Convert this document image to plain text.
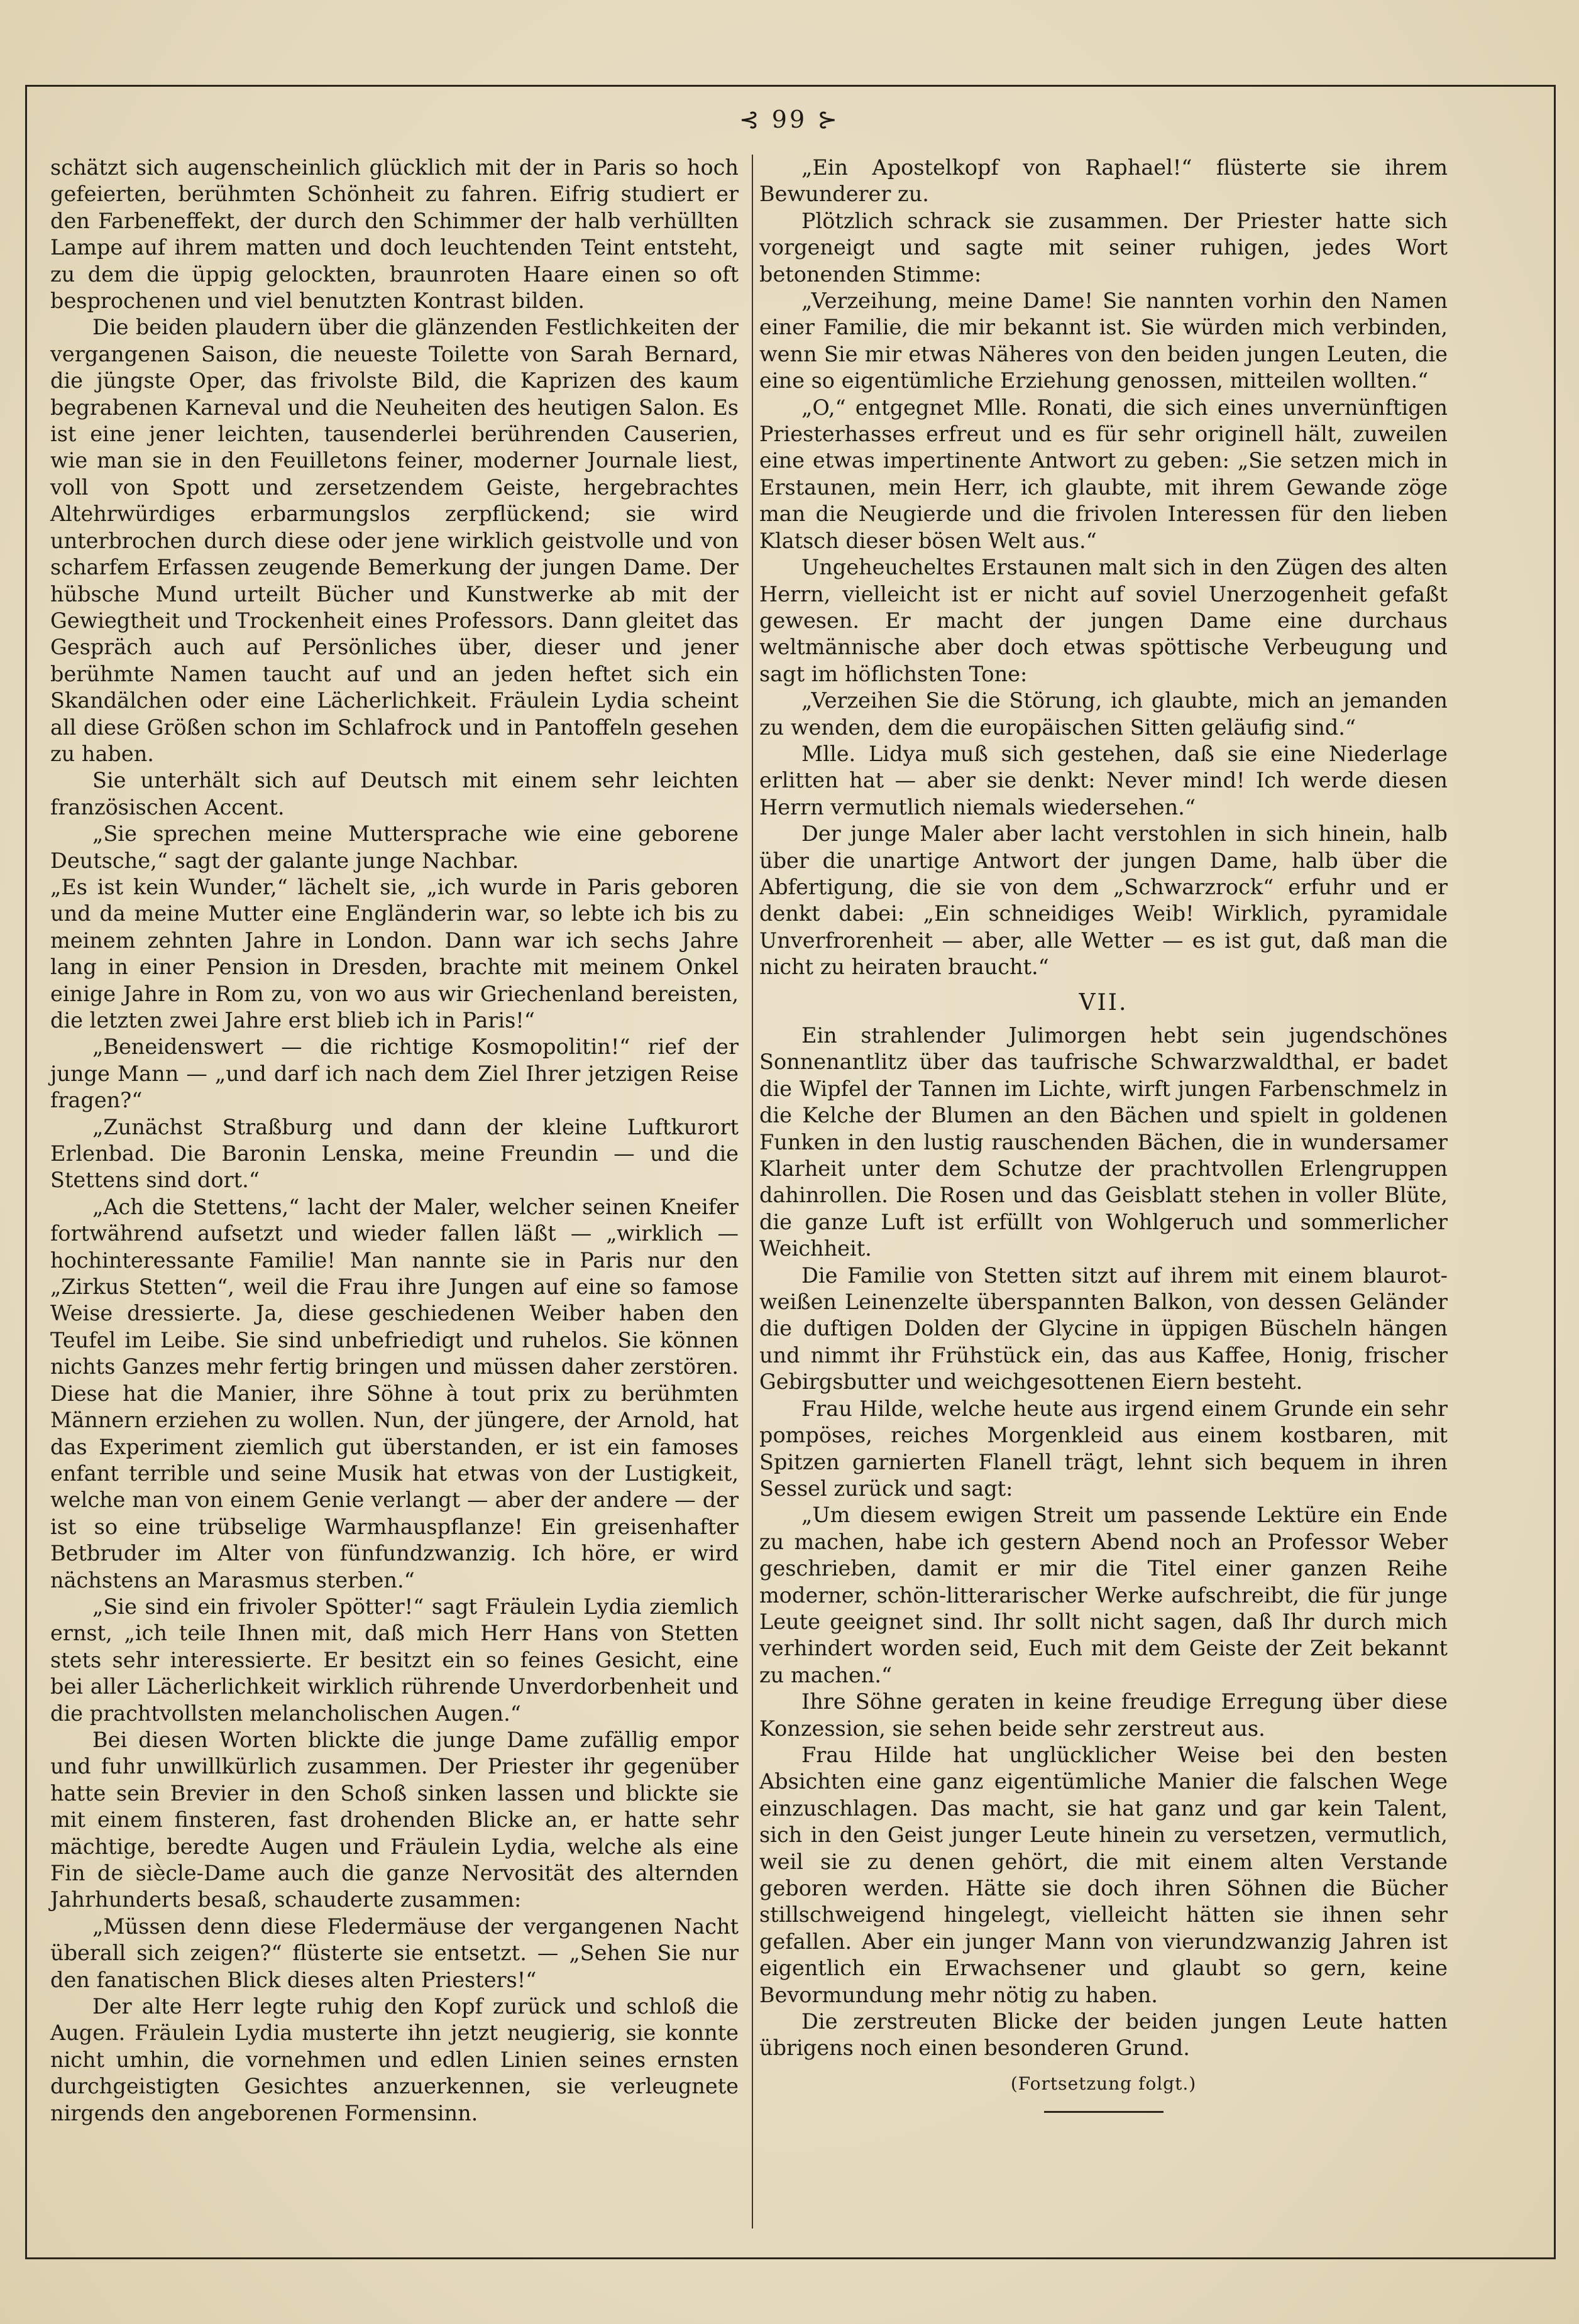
⊰ 99 ⊱

schätzt sich augenscheinlich glücklich mit der in Paris so hoch gefeierten, berühmten Schönheit zu fahren. Eifrig studiert er den Farbeneffekt, der durch den Schimmer der halb verhüllten Lampe auf ihrem matten und doch leuchtenden Teint entsteht, zu dem die üppig gelockten, braunroten Haare einen so oft besprochenen und viel benutzten Kontrast bilden.

Die beiden plaudern über die glänzenden Festlichkeiten der vergangenen Saison, die neueste Toilette von Sarah Bernard, die jüngste Oper, das frivolste Bild, die Kaprizen des kaum begrabenen Karneval und die Neuheiten des heutigen Salon. Es ist eine jener leichten, tausenderlei berührenden Causerien, wie man sie in den Feuilletons feiner, moderner Journale liest, voll von Spott und zersetzendem Geiste, hergebrachtes Altehrwürdiges erbarmungslos zerpflückend; sie wird unterbrochen durch diese oder jene wirklich geistvolle und von scharfem Erfassen zeugende Bemerkung der jungen Dame. Der hübsche Mund urteilt Bücher und Kunstwerke ab mit der Gewiegtheit und Trockenheit eines Professors. Dann gleitet das Gespräch auch auf Persönliches über, dieser und jener berühmte Namen taucht auf und an jeden heftet sich ein Skandälchen oder eine Lächerlichkeit. Fräulein Lydia scheint all diese Größen schon im Schlafrock und in Pantoffeln gesehen zu haben.

Sie unterhält sich auf Deutsch mit einem sehr leichten französischen Accent.

„Sie sprechen meine Muttersprache wie eine geborene Deutsche,“ sagt der galante junge Nachbar.

„Es ist kein Wunder,“ lächelt sie, „ich wurde in Paris geboren und da meine Mutter eine Engländerin war, so lebte ich bis zu meinem zehnten Jahre in London. Dann war ich sechs Jahre lang in einer Pension in Dresden, brachte mit meinem Onkel einige Jahre in Rom zu, von wo aus wir Griechenland bereisten, die letzten zwei Jahre erst blieb ich in Paris!“

„Beneidenswert — die richtige Kosmopolitin!“ rief der junge Mann — „und darf ich nach dem Ziel Ihrer jetzigen Reise fragen?“

„Zunächst Straßburg und dann der kleine Luftkurort Erlenbad. Die Baronin Lenska, meine Freundin — und die Stettens sind dort.“

„Ach die Stettens,“ lacht der Maler, welcher seinen Kneifer fortwährend aufsetzt und wieder fallen läßt — „wirklich — hochinteressante Familie! Man nannte sie in Paris nur den „Zirkus Stetten“, weil die Frau ihre Jungen auf eine so famose Weise dressierte. Ja, diese geschiedenen Weiber haben den Teufel im Leibe. Sie sind unbefriedigt und ruhelos. Sie können nichts Ganzes mehr fertig bringen und müssen daher zerstören. Diese hat die Manier, ihre Söhne à tout prix zu berühmten Männern erziehen zu wollen. Nun, der jüngere, der Arnold, hat das Experiment ziemlich gut überstanden, er ist ein famoses enfant terrible und seine Musik hat etwas von der Lustigkeit, welche man von einem Genie verlangt — aber der andere — der ist so eine trübselige Warmhauspflanze! Ein greisenhafter Betbruder im Alter von fünfundzwanzig. Ich höre, er wird nächstens an Marasmus sterben.“

„Sie sind ein frivoler Spötter!“ sagt Fräulein Lydia ziemlich ernst, „ich teile Ihnen mit, daß mich Herr Hans von Stetten stets sehr interessierte. Er besitzt ein so feines Gesicht, eine bei aller Lächerlichkeit wirklich rührende Unverdorbenheit und die prachtvollsten melancholischen Augen.“

Bei diesen Worten blickte die junge Dame zufällig empor und fuhr unwillkürlich zusammen. Der Priester ihr gegenüber hatte sein Brevier in den Schoß sinken lassen und blickte sie mit einem finsteren, fast drohenden Blicke an, er hatte sehr mächtige, beredte Augen und Fräulein Lydia, welche als eine Fin de siècle-Dame auch die ganze Nervosität des alternden Jahrhunderts besaß, schauderte zusammen:

„Müssen denn diese Fledermäuse der vergangenen Nacht überall sich zeigen?“ flüsterte sie entsetzt. — „Sehen Sie nur den fanatischen Blick dieses alten Priesters!“

Der alte Herr legte ruhig den Kopf zurück und schloß die Augen. Fräulein Lydia musterte ihn jetzt neugierig, sie konnte nicht umhin, die vornehmen und edlen Linien seines ernsten durchgeistigten Gesichtes anzuerkennen, sie verleugnete nirgends den angeborenen Formensinn.

„Ein Apostelkopf von Raphael!“ flüsterte sie ihrem Bewunderer zu.

Plötzlich schrack sie zusammen. Der Priester hatte sich vorgeneigt und sagte mit seiner ruhigen, jedes Wort betonenden Stimme:

„Verzeihung, meine Dame! Sie nannten vorhin den Namen einer Familie, die mir bekannt ist. Sie würden mich verbinden, wenn Sie mir etwas Näheres von den beiden jungen Leuten, die eine so eigentümliche Erziehung genossen, mitteilen wollten.“

„O,“ entgegnet Mlle. Ronati, die sich eines unvernünftigen Priesterhasses erfreut und es für sehr originell hält, zuweilen eine etwas impertinente Antwort zu geben: „Sie setzen mich in Erstaunen, mein Herr, ich glaubte, mit ihrem Gewande zöge man die Neugierde und die frivolen Interessen für den lieben Klatsch dieser bösen Welt aus.“

Ungeheucheltes Erstaunen malt sich in den Zügen des alten Herrn, vielleicht ist er nicht auf soviel Unerzogenheit gefaßt gewesen. Er macht der jungen Dame eine durchaus weltmännische aber doch etwas spöttische Verbeugung und sagt im höflichsten Tone:

„Verzeihen Sie die Störung, ich glaubte, mich an jemanden zu wenden, dem die europäischen Sitten geläufig sind.“

Mlle. Lidya muß sich gestehen, daß sie eine Niederlage erlitten hat — aber sie denkt: Never mind! Ich werde diesen Herrn vermutlich niemals wiedersehen.“

Der junge Maler aber lacht verstohlen in sich hinein, halb über die unartige Antwort der jungen Dame, halb über die Abfertigung, die sie von dem „Schwarzrock“ erfuhr und er denkt dabei: „Ein schneidiges Weib! Wirklich, pyramidale Unverfrorenheit — aber, alle Wetter — es ist gut, daß man die nicht zu heiraten braucht.“

VII.

Ein strahlender Julimorgen hebt sein jugendschönes Sonnenantlitz über das taufrische Schwarzwaldthal, er badet die Wipfel der Tannen im Lichte, wirft jungen Farbenschmelz in die Kelche der Blumen an den Bächen und spielt in goldenen Funken in den lustig rauschenden Bächen, die in wundersamer Klarheit unter dem Schutze der prachtvollen Erlengruppen dahinrollen. Die Rosen und das Geisblatt stehen in voller Blüte, die ganze Luft ist erfüllt von Wohlgeruch und sommerlicher Weichheit.

Die Familie von Stetten sitzt auf ihrem mit einem blaurot-weißen Leinenzelte überspannten Balkon, von dessen Geländer die duftigen Dolden der Glycine in üppigen Büscheln hängen und nimmt ihr Frühstück ein, das aus Kaffee, Honig, frischer Gebirgsbutter und weichgesottenen Eiern besteht.

Frau Hilde, welche heute aus irgend einem Grunde ein sehr pompöses, reiches Morgenkleid aus einem kostbaren, mit Spitzen garnierten Flanell trägt, lehnt sich bequem in ihren Sessel zurück und sagt:

„Um diesem ewigen Streit um passende Lektüre ein Ende zu machen, habe ich gestern Abend noch an Professor Weber geschrieben, damit er mir die Titel einer ganzen Reihe moderner, schön-litterarischer Werke aufschreibt, die für junge Leute geeignet sind. Ihr sollt nicht sagen, daß Ihr durch mich verhindert worden seid, Euch mit dem Geiste der Zeit bekannt zu machen.“

Ihre Söhne geraten in keine freudige Erregung über diese Konzession, sie sehen beide sehr zerstreut aus.

Frau Hilde hat unglücklicher Weise bei den besten Absichten eine ganz eigentümliche Manier die falschen Wege einzuschlagen. Das macht, sie hat ganz und gar kein Talent, sich in den Geist junger Leute hinein zu versetzen, vermutlich, weil sie zu denen gehört, die mit einem alten Verstande geboren werden. Hätte sie doch ihren Söhnen die Bücher stillschweigend hingelegt, vielleicht hätten sie ihnen sehr gefallen. Aber ein junger Mann von vierundzwanzig Jahren ist eigentlich ein Erwachsener und glaubt so gern, keine Bevormundung mehr nötig zu haben.

Die zerstreuten Blicke der beiden jungen Leute hatten übrigens noch einen besonderen Grund.

(Fortsetzung folgt.)
